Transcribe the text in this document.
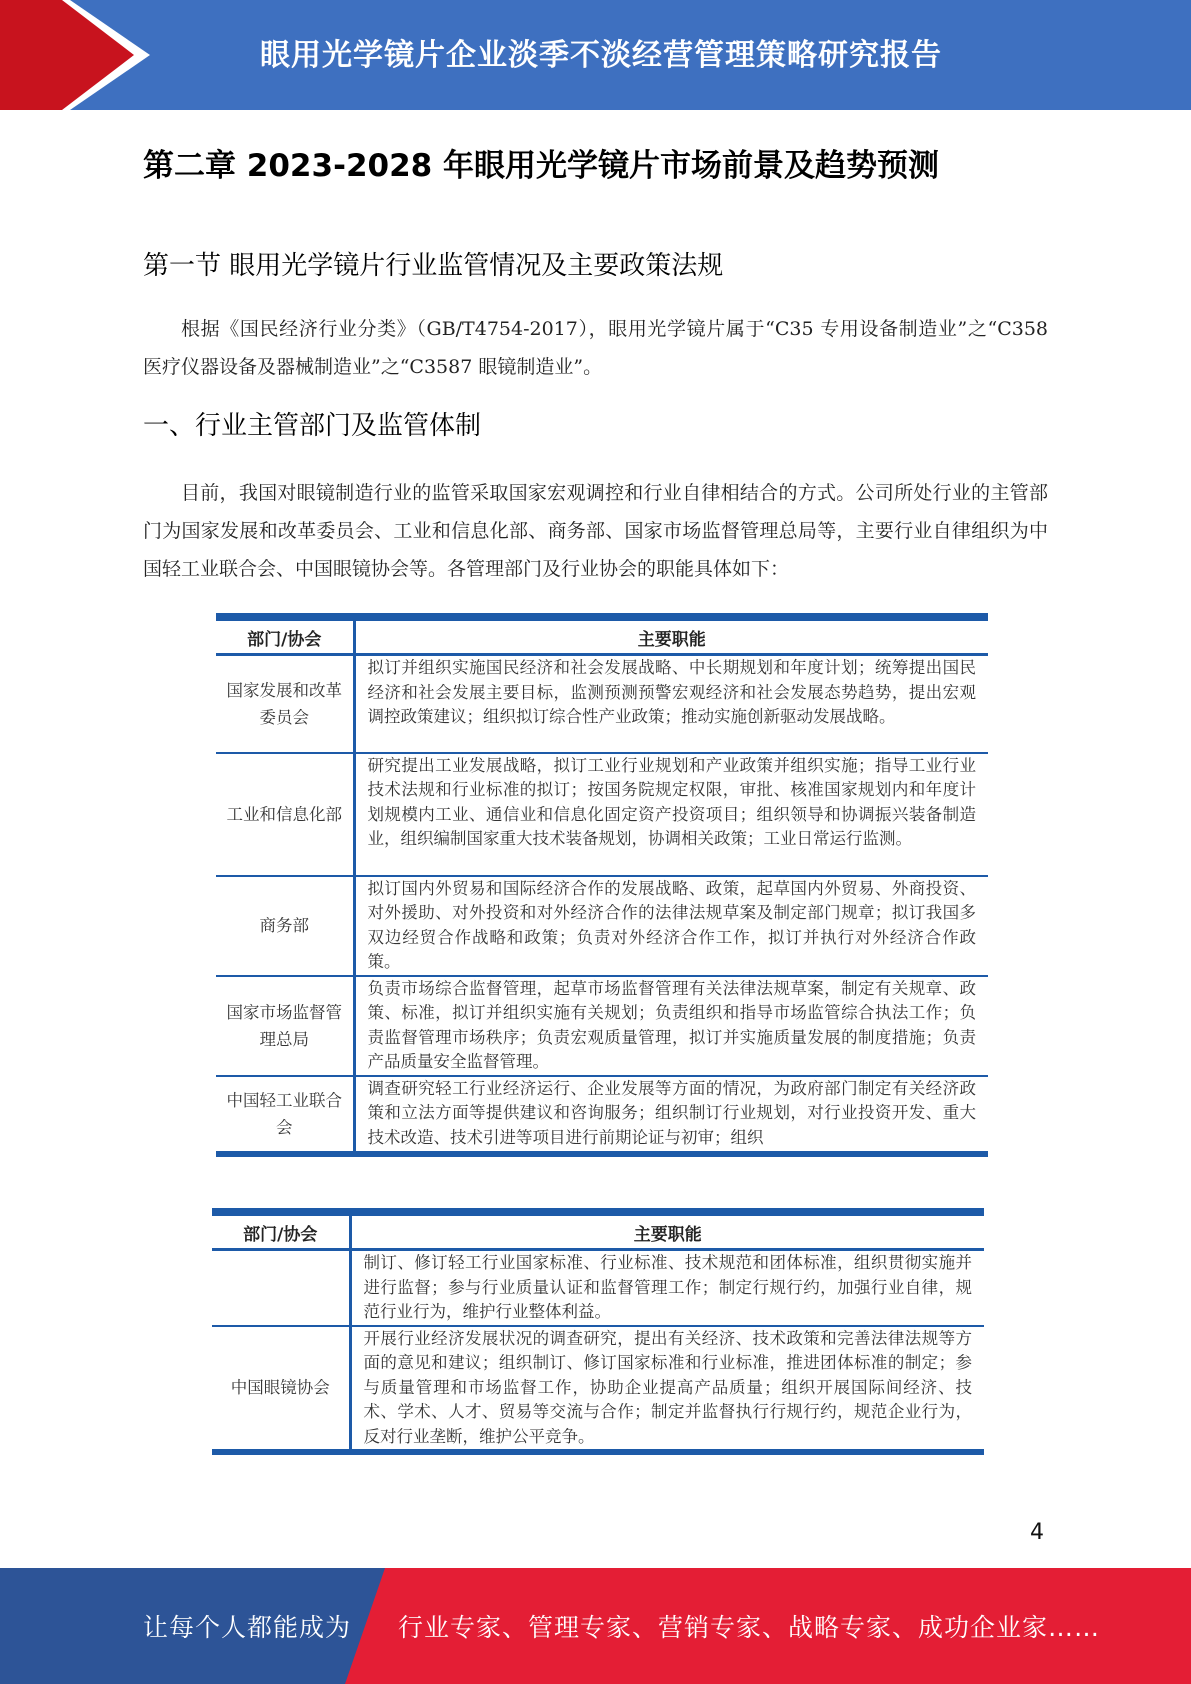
眼用光学镜片企业淡季不淡经营管理策略研究报告
第二章 2023-2028 年眼用光学镜片市场前景及趋势预测
第一节 眼用光学镜片行业监管情况及主要政策法规
根据《国民经济行业分类》（GB/T4754-2017），眼用光学镜片属于“C35 专用设备制造业”之“C358 医疗仪器设备及器械制造业”之“C3587 眼镜制造业”。
一、行业主管部门及监管体制
目前，我国对眼镜制造行业的监管采取国家宏观调控和行业自律相结合的方式。公司所处行业的主管部门为国家发展和改革委员会、工业和信息化部、商务部、国家市场监督管理总局等，主要行业自律组织为中国轻工业联合会、中国眼镜协会等。各管理部门及行业协会的职能具体如下：
部门/协会	主要职能
国家发展和改革委员会	拟订并组织实施国民经济和社会发展战略、中长期规划和年度计划；统筹提出国民经济和社会发展主要目标，监测预测预警宏观经济和社会发展态势趋势，提出宏观调控政策建议；组织拟订综合性产业政策；推动实施创新驱动发展战略。
工业和信息化部	研究提出工业发展战略，拟订工业行业规划和产业政策并组织实施；指导工业行业技术法规和行业标准的拟订；按国务院规定权限，审批、核准国家规划内和年度计划规模内工业、通信业和信息化固定资产投资项目；组织领导和协调振兴装备制造业，组织编制国家重大技术装备规划，协调相关政策；工业日常运行监测。
商务部	拟订国内外贸易和国际经济合作的发展战略、政策，起草国内外贸易、外商投资、对外援助、对外投资和对外经济合作的法律法规草案及制定部门规章；拟订我国多双边经贸合作战略和政策；负责对外经济合作工作，拟订并执行对外经济合作政策。
国家市场监督管理总局	负责市场综合监督管理，起草市场监督管理有关法律法规草案，制定有关规章、政策、标准，拟订并组织实施有关规划；负责组织和指导市场监管综合执法工作；负责监督管理市场秩序；负责宏观质量管理，拟订并实施质量发展的制度措施；负责产品质量安全监督管理。
中国轻工业联合会	调查研究轻工行业经济运行、企业发展等方面的情况，为政府部门制定有关经济政策和立法方面等提供建议和咨询服务；组织制订行业规划，对行业投资开发、重大技术改造、技术引进等项目进行前期论证与初审；组织
部门/协会	主要职能
	制订、修订轻工行业国家标准、行业标准、技术规范和团体标准，组织贯彻实施并进行监督；参与行业质量认证和监督管理工作；制定行规行约，加强行业自律，规范行业行为，维护行业整体利益。
中国眼镜协会	开展行业经济发展状况的调查研究，提出有关经济、技术政策和完善法律法规等方面的意见和建议；组织制订、修订国家标准和行业标准，推进团体标准的制定；参与质量管理和市场监督工作，协助企业提高产品质量；组织开展国际间经济、技术、学术、人才、贸易等交流与合作；制定并监督执行行规行约，规范企业行为，反对行业垄断，维护公平竞争。
4
让每个人都能成为 行业专家、管理专家、营销专家、战略专家、成功企业家……
